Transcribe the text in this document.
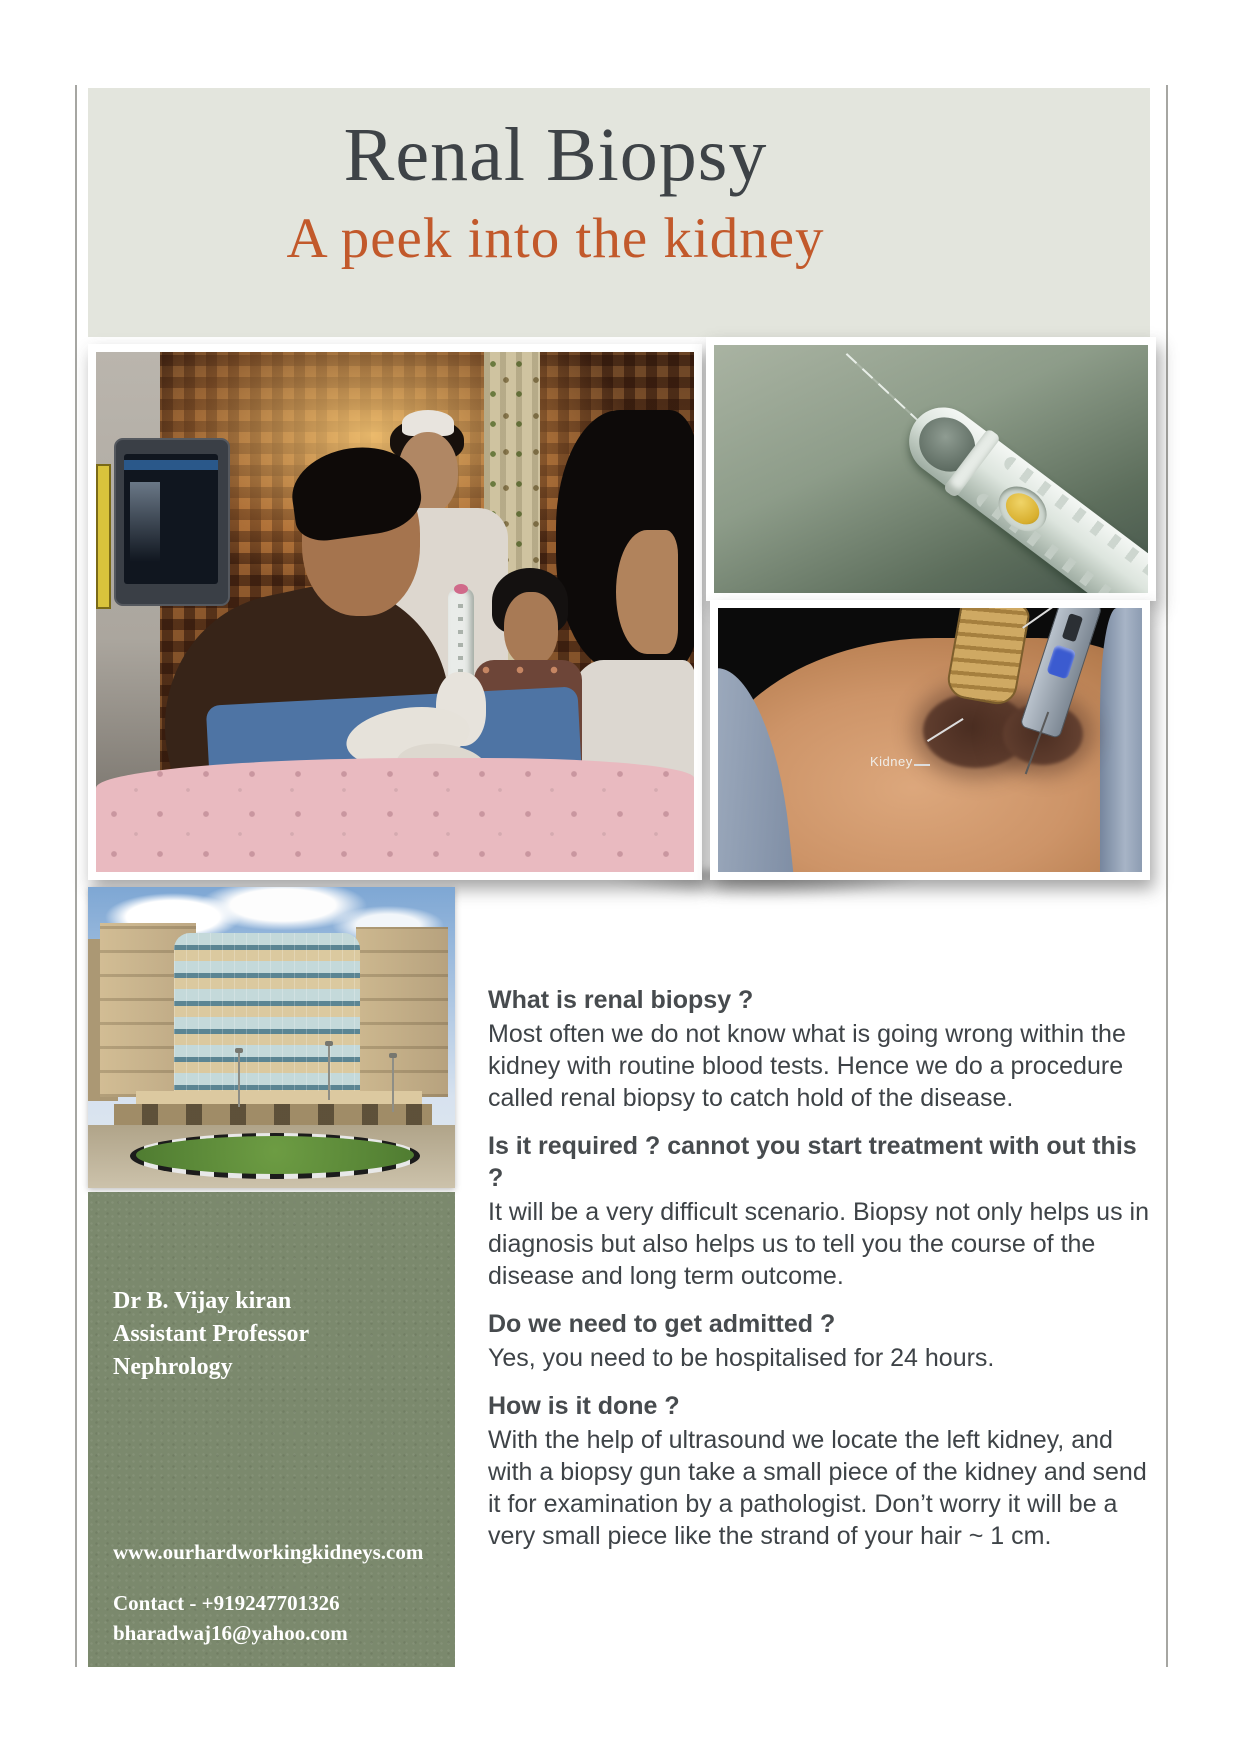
Renal Biopsy
A peek into the kidney
Kidney
Dr B. Vijay kiran
Assistant Professor
Nephrology
www.ourhardworkingkidneys.com
Contact - +919247701326
bharadwaj16@yahoo.com
What is renal biopsy ?

Most often we do not know what is going wrong within the kidney with routine blood tests. Hence we do a procedure called renal biopsy to catch hold of the disease.

Is it required ? cannot you start treatment with out this ?

It will be a very difficult scenario. Biopsy not only helps us in diagnosis but also helps us to tell you the course of the disease and long term outcome.

Do we need to get admitted ?

Yes, you need to be hospitalised for 24 hours.

How is it done ?

With the help of ultrasound we locate the left kidney, and with a biopsy gun take a small piece of the kidney and send it for examination by a pathologist. Don’t worry it will be a very small piece like the strand of your hair ~ 1 cm.
